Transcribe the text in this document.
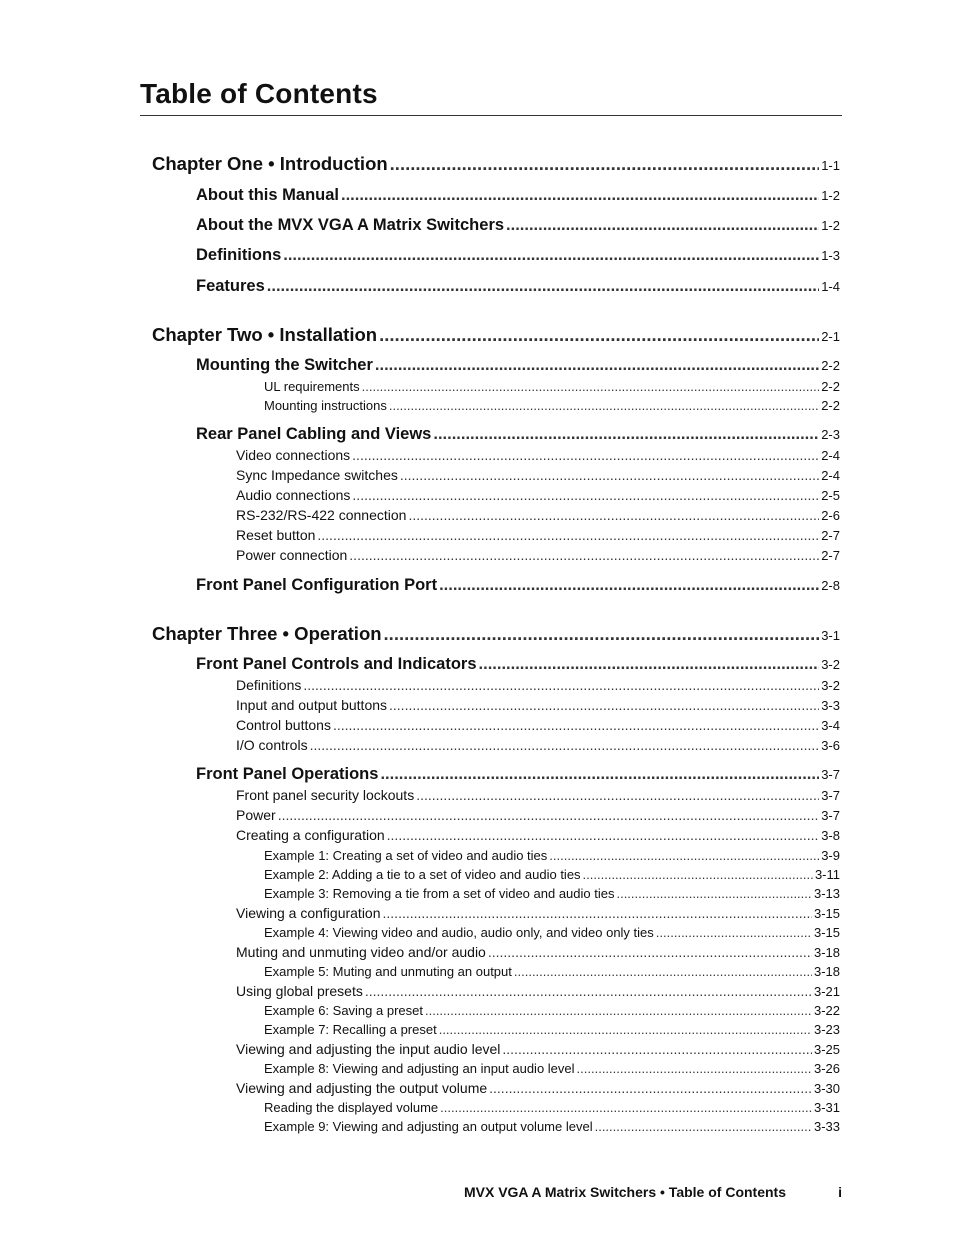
Table of Contents
Chapter One • Introduction .....	1-1
About this Manual .....	1-2
About the MVX VGA A Matrix Switchers .....	1-2
Definitions .....	1-3
Features .....	1-4
Chapter Two • Installation .....	2-1
Mounting the Switcher .....	2-2
UL requirements .....	2-2
Mounting instructions .....	2-2
Rear Panel Cabling and Views .....	2-3
Video connections .....	2-4
Sync Impedance switches .....	2-4
Audio connections .....	2-5
RS-232/RS-422 connection .....	2-6
Reset button .....	2-7
Power connection .....	2-7
Front Panel Configuration Port .....	2-8
Chapter Three • Operation .....	3-1
Front Panel Controls and Indicators .....	3-2
Definitions .....	3-2
Input and output buttons .....	3-3
Control buttons .....	3-4
I/O controls .....	3-6
Front Panel Operations .....	3-7
Front panel security lockouts .....	3-7
Power .....	3-7
Creating a configuration .....	3-8
Example 1: Creating a set of video and audio ties .....	3-9
Example 2: Adding a tie to a set of video and audio ties .....	3-11
Example 3: Removing a tie from a set of video and audio ties .....	3-13
Viewing a configuration .....	3-15
Example 4: Viewing video and audio, audio only, and video only ties .....	3-15
Muting and unmuting video and/or audio .....	3-18
Example 5: Muting and unmuting an output .....	3-18
Using global presets .....	3-21
Example 6: Saving a preset .....	3-22
Example 7: Recalling a preset .....	3-23
Viewing and adjusting the input audio level .....	3-25
Example 8: Viewing and adjusting an input audio level .....	3-26
Viewing and adjusting the output volume .....	3-30
Reading the displayed volume .....	3-31
Example 9: Viewing and adjusting an output volume level .....	3-33
MVX VGA A Matrix Switchers • Table of Contents	i
